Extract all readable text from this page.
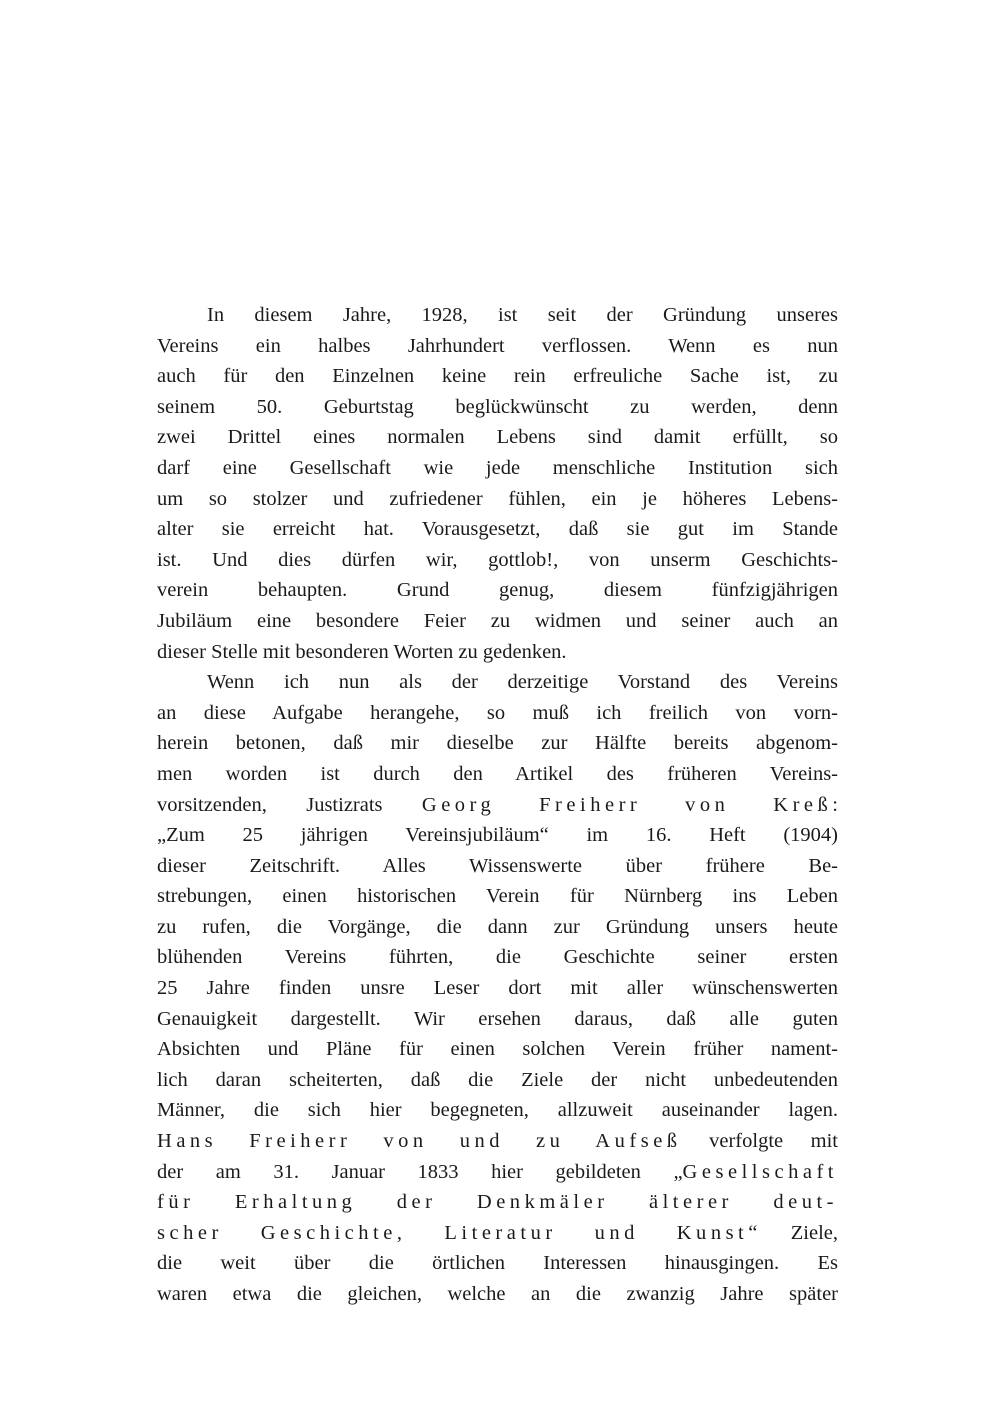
In diesem Jahre, 1928, ist seit der Gründung unseres
Vereins ein halbes Jahrhundert verflossen. Wenn es nun
auch für den Einzelnen keine rein erfreuliche Sache ist, zu
seinem 50. Geburtstag beglückwünscht zu werden, denn
zwei Drittel eines normalen Lebens sind damit erfüllt, so
darf eine Gesellschaft wie jede menschliche Institution sich
um so stolzer und zufriedener fühlen, ein je höheres Lebens-
alter sie erreicht hat. Vorausgesetzt, daß sie gut im Stande
ist. Und dies dürfen wir, gottlob!, von unserm Geschichts-
verein behaupten. Grund genug, diesem fünfzigjährigen
Jubiläum eine besondere Feier zu widmen und seiner auch an
dieser Stelle mit besonderen Worten zu gedenken.
Wenn ich nun als der derzeitige Vorstand des Vereins
an diese Aufgabe herangehe, so muß ich freilich von vorn-
herein betonen, daß mir dieselbe zur Hälfte bereits abgenom-
men worden ist durch den Artikel des früheren Vereins-
vorsitzenden, Justizrats Georg Freiherr von Kreß:
„Zum 25 jährigen Vereinsjubiläum“ im 16. Heft (1904)
dieser Zeitschrift. Alles Wissenswerte über frühere Be-
strebungen, einen historischen Verein für Nürnberg ins Leben
zu rufen, die Vorgänge, die dann zur Gründung unsers heute
blühenden Vereins führten, die Geschichte seiner ersten
25 Jahre finden unsre Leser dort mit aller wünschenswerten
Genauigkeit dargestellt. Wir ersehen daraus, daß alle guten
Absichten und Pläne für einen solchen Verein früher nament-
lich daran scheiterten, daß die Ziele der nicht unbedeutenden
Männer, die sich hier begegneten, allzuweit auseinander lagen.
Hans Freiherr von und zu Aufseß verfolgte mit
der am 31. Januar 1833 hier gebildeten „Gesellschaft
für Erhaltung der Denkmäler älterer deut-
scher Geschichte, Literatur und Kunst“ Ziele,
die weit über die örtlichen Interessen hinausgingen. Es
waren etwa die gleichen, welche an die zwanzig Jahre später
